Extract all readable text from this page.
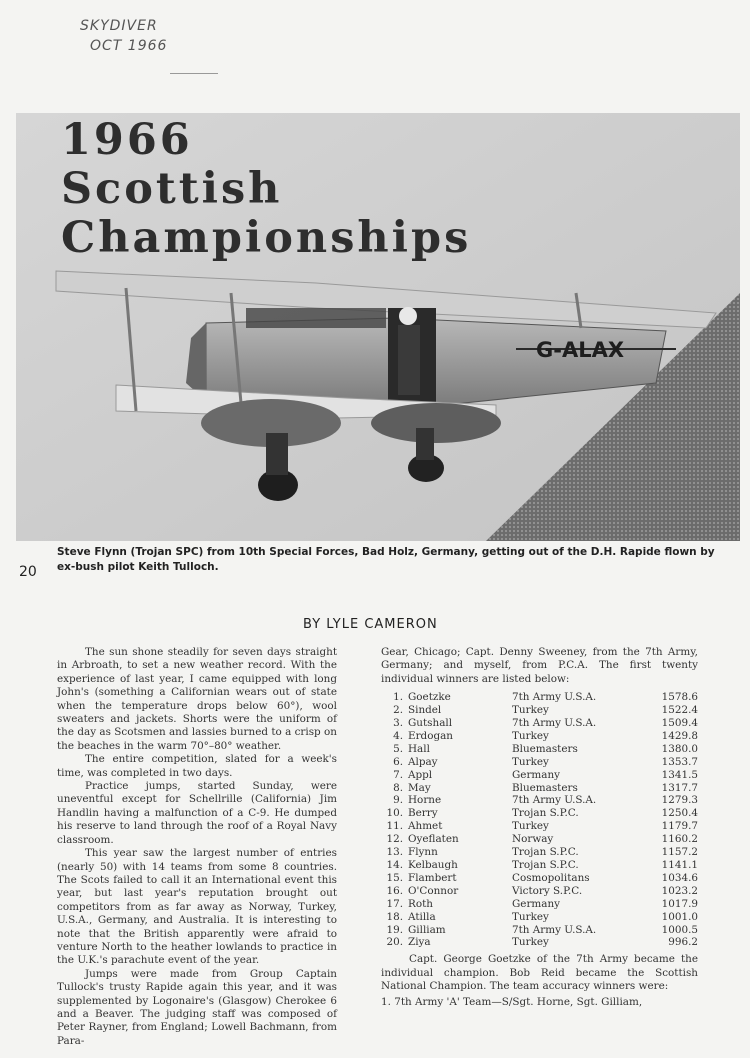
SKYDIVER
OCT 1966
G-ALAX
1966
Scottish
Championships
Steve Flynn (Trojan SPC) from 10th Special Forces, Bad Holz, Germany, getting out of the D.H. Rapide flown by ex-bush pilot Keith Tulloch.
20
BY LYLE CAMERON

The sun shone steadily for seven days straight in Arbroath, to set a new weather record. With the experience of last year, I came equipped with long John's (something a Californian wears out of state when the temperature drops below 60°), wool sweaters and jackets. Shorts were the uniform of the day as Scotsmen and lassies burned to a crisp on the beaches in the warm 70°–80° weather.

The entire competition, slated for a week's time, was completed in two days.

Practice jumps, started Sunday, were uneventful except for Schellrille (California) Jim Handlin having a malfunction of a C-9. He dumped his reserve to land through the roof of a Royal Navy classroom.

This year saw the largest number of entries (nearly 50) with 14 teams from some 8 countries. The Scots failed to call it an International event this year, but last year's reputation brought out competitors from as far away as Norway, Turkey, U.S.A., Germany, and Australia. It is interesting to note that the British apparently were afraid to venture North to the heather lowlands to practice in the U.K.'s parachute event of the year.

Jumps were made from Group Captain Tullock's trusty Rapide again this year, and it was supplemented by Logonaire's (Glasgow) Cherokee 6 and a Beaver. The judging staff was composed of Peter Rayner, from England; Lowell Bachmann, from Para-

Gear, Chicago; Capt. Denny Sweeney, from the 7th Army, Germany; and myself, from P.C.A. The first twenty individual winners are listed below:

1.	Goetzke	7th Army U.S.A.	1578.6
2.	Sindel	Turkey	1522.4
3.	Gutshall	7th Army U.S.A.	1509.4
4.	Erdogan	Turkey	1429.8
5.	Hall	Bluemasters	1380.0
6.	Alpay	Turkey	1353.7
7.	Appl	Germany	1341.5
8.	May	Bluemasters	1317.7
9.	Horne	7th Army U.S.A.	1279.3
10.	Berry	Trojan S.P.C.	1250.4
11.	Ahmet	Turkey	1179.7
12.	Oyeflaten	Norway	1160.2
13.	Flynn	Trojan S.P.C.	1157.2
14.	Kelbaugh	Trojan S.P.C.	1141.1
15.	Flambert	Cosmopolitans	1034.6
16.	O'Connor	Victory S.P.C.	1023.2
17.	Roth	Germany	1017.9
18.	Atilla	Turkey	1001.0
19.	Gilliam	7th Army U.S.A.	1000.5
20.	Ziya	Turkey	996.2

Capt. George Goetzke of the 7th Army became the individual champion. Bob Reid became the Scottish National Champion. The team accuracy winners were:

1. 7th Army 'A' Team—S/Sgt. Horne, Sgt. Gilliam,
